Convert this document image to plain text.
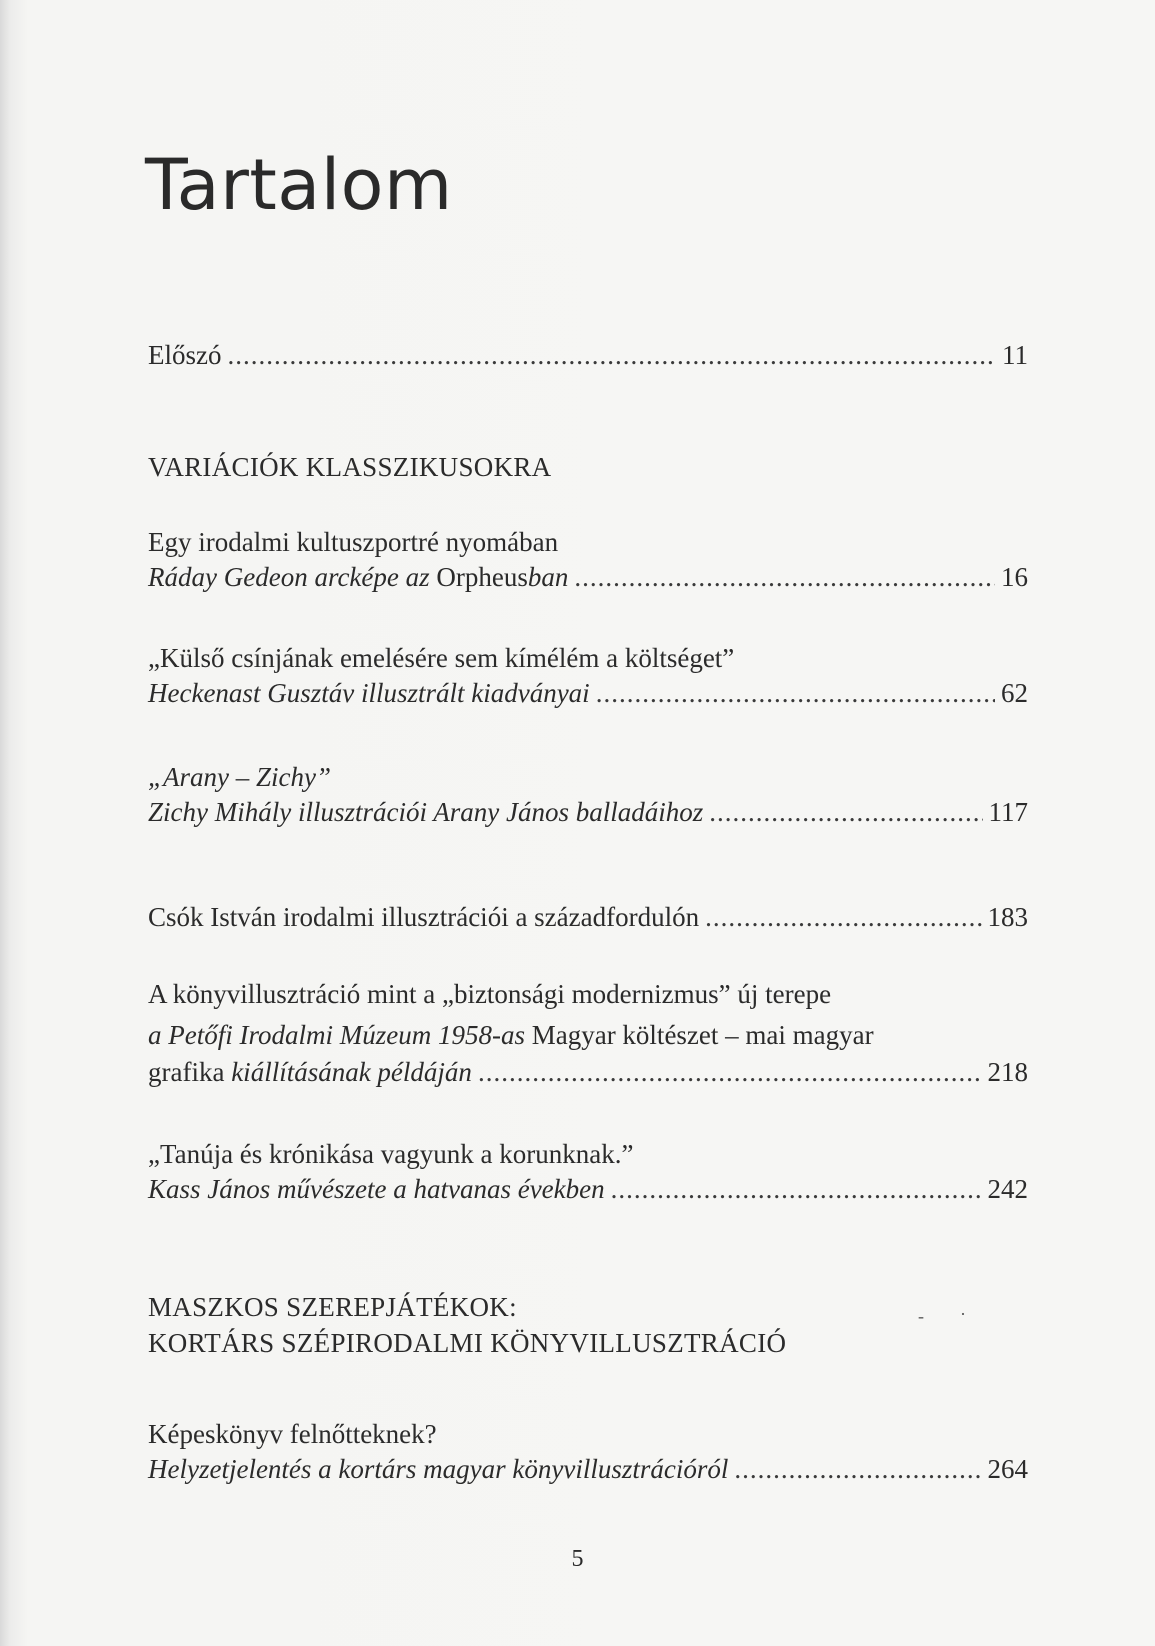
Tartalom
Előszó .....	11
VARIÁCIÓK KLASSZIKUSOKRA
Egy irodalmi kultuszportré nyomában
Ráday Gedeon arcképe az Orpheusban .....	16
„Külső csínjának emelésére sem kímélém a költséget”
Heckenast Gusztáv illusztrált kiadványai .....	62
„Arany – Zichy”
Zichy Mihály illusztrációi Arany János balladáihoz .....	117
Csók István irodalmi illusztrációi a századfordulón .....	183
A könyvillusztráció mint a „biztonsági modernizmus” új terepe
a Petőfi Irodalmi Múzeum 1958-as Magyar költészet – mai magyar
grafika kiállításának példáján .....	218
„Tanúja és krónikása vagyunk a korunknak.”
Kass János művészete a hatvanas években .....	242
MASZKOS SZEREPJÁTÉKOK:
KORTÁRS SZÉPIRODALMI KÖNYVILLUSZTRÁCIÓ
‐ ·
Képeskönyv felnőtteknek?
Helyzetjelentés a kortárs magyar könyvillusztrációról .....	264
5
